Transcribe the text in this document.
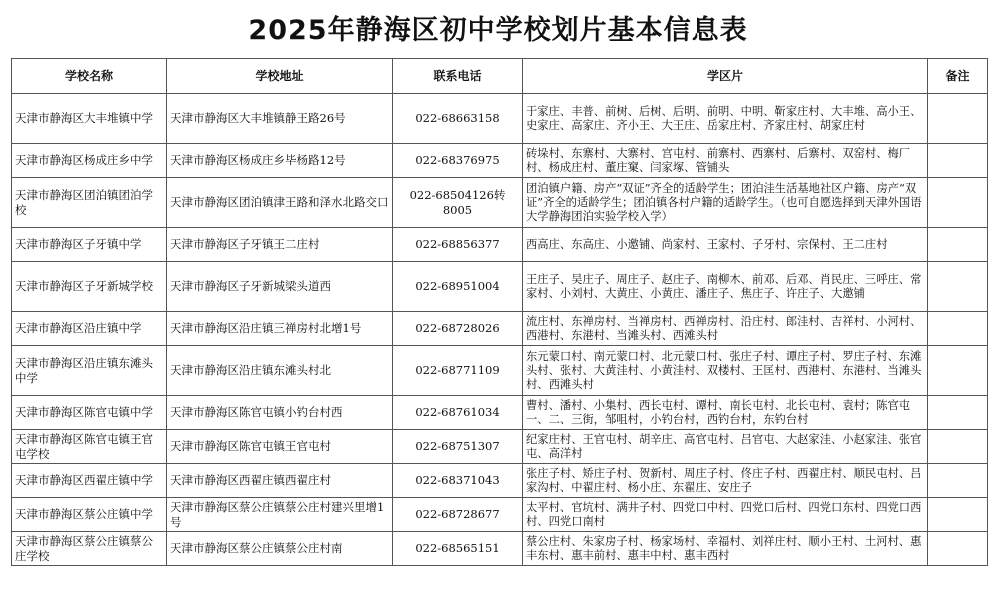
2025年静海区初中学校划片基本信息表
学校名称	学校地址	联系电话	学区片	备注
天津市静海区大丰堆镇中学	天津市静海区大丰堆镇静王路26号	022-68663158	于家庄、丰普、前树、后树、后明、前明、中明、靳家庄村、大丰堆、高小王、史家庄、高家庄、齐小王、大王庄、岳家庄村、齐家庄村、胡家庄村	
天津市静海区杨成庄乡中学	天津市静海区杨成庄乡毕杨路12号	022-68376975	砖垛村、东寨村、大寨村、宫屯村、前寨村、西寨村、后寨村、双窑村、梅厂村、杨成庄村、董庄窠、闫家塚、管铺头	
天津市静海区团泊镇团泊学校	天津市静海区团泊镇津王路和泽水北路交口	022-68504126转8005	团泊镇户籍、房产“双证”齐全的适龄学生；团泊洼生活基地社区户籍、房产“双证”齐全的适龄学生；团泊镇各村户籍的适龄学生。（也可自愿选择到天津外国语大学静海团泊实验学校入学）	
天津市静海区子牙镇中学	天津市静海区子牙镇王二庄村	022-68856377	西高庄、东高庄、小邀铺、尚家村、王家村、子牙村、宗保村、王二庄村	
天津市静海区子牙新城学校	天津市静海区子牙新城梁头道西	022-68951004	王庄子、吴庄子、周庄子、赵庄子、南柳木、前邓、后邓、肖民庄、三呼庄、常家村、小刘村、大黄庄、小黄庄、潘庄子、焦庄子、许庄子、大邀铺	
天津市静海区沿庄镇中学	天津市静海区沿庄镇三禅房村北增1号	022-68728026	流庄村、东禅房村、当禅房村、西禅房村、沿庄村、郎洼村、吉祥村、小河村、西港村、东港村、当滩头村、西滩头村	
天津市静海区沿庄镇东滩头中学	天津市静海区沿庄镇东滩头村北	022-68771109	东元蒙口村、南元蒙口村、北元蒙口村、张庄子村、谭庄子村、罗庄子村、东滩头村、张村、大黄洼村、小黄洼村、双楼村、王匡村、西港村、东港村、当滩头村、西滩头村	
天津市静海区陈官屯镇中学	天津市静海区陈官屯镇小钓台村西	022-68761034	曹村、潘村、小集村、西长屯村、谭村、南长屯村、北长屯村、袁村；陈官屯一、二、三街，邹咀村，小钓台村，西钓台村，东钓台村	
天津市静海区陈官屯镇王官屯学校	天津市静海区陈官屯镇王官屯村	022-68751307	纪家庄村、王官屯村、胡辛庄、高官屯村、吕官屯、大赵家洼、小赵家洼、张官屯、高洋村	
天津市静海区西翟庄镇中学	天津市静海区西翟庄镇西翟庄村	022-68371043	张庄子村、矫庄子村、贺新村、周庄子村、佟庄子村、西翟庄村、顺民屯村、吕家沟村、中翟庄村、杨小庄、东翟庄、安庄子	
天津市静海区蔡公庄镇中学	天津市静海区蔡公庄镇蔡公庄村建兴里增1号	022-68728677	太平村、官坑村、满井子村、四党口中村、四党口后村、四党口东村、四党口西村、四党口南村	
天津市静海区蔡公庄镇蔡公庄学校	天津市静海区蔡公庄镇蔡公庄村南	022-68565151	蔡公庄村、朱家房子村、杨家场村、幸福村、刘祥庄村、顺小王村、土河村、惠丰东村、惠丰前村、惠丰中村、惠丰西村	
